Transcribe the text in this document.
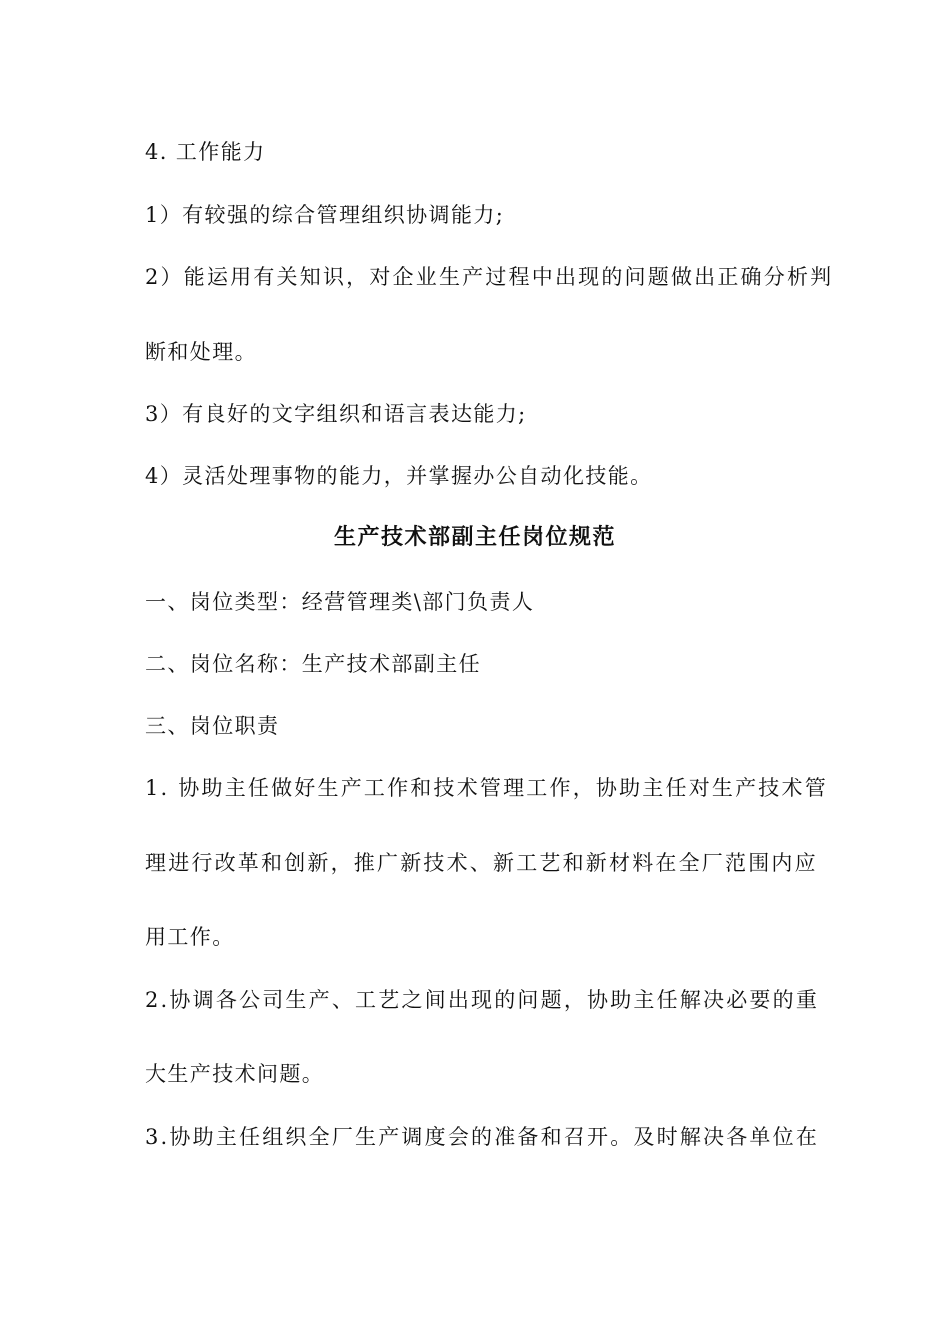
4. 工作能力
1）有较强的综合管理组织协调能力;
2）能运用有关知识，对企业生产过程中出现的问题做出正确分析判
断和处理。
3）有良好的文字组织和语言表达能力;
4）灵活处理事物的能力，并掌握办公自动化技能。
生产技术部副主任岗位规范
一、岗位类型：经营管理类\部门负责人
二、岗位名称：生产技术部副主任
三、岗位职责
1. 协助主任做好生产工作和技术管理工作，协助主任对生产技术管
理进行改革和创新，推广新技术、新工艺和新材料在全厂范围内应
用工作。
2.协调各公司生产、工艺之间出现的问题，协助主任解决必要的重
大生产技术问题。
3.协助主任组织全厂生产调度会的准备和召开。及时解决各单位在
